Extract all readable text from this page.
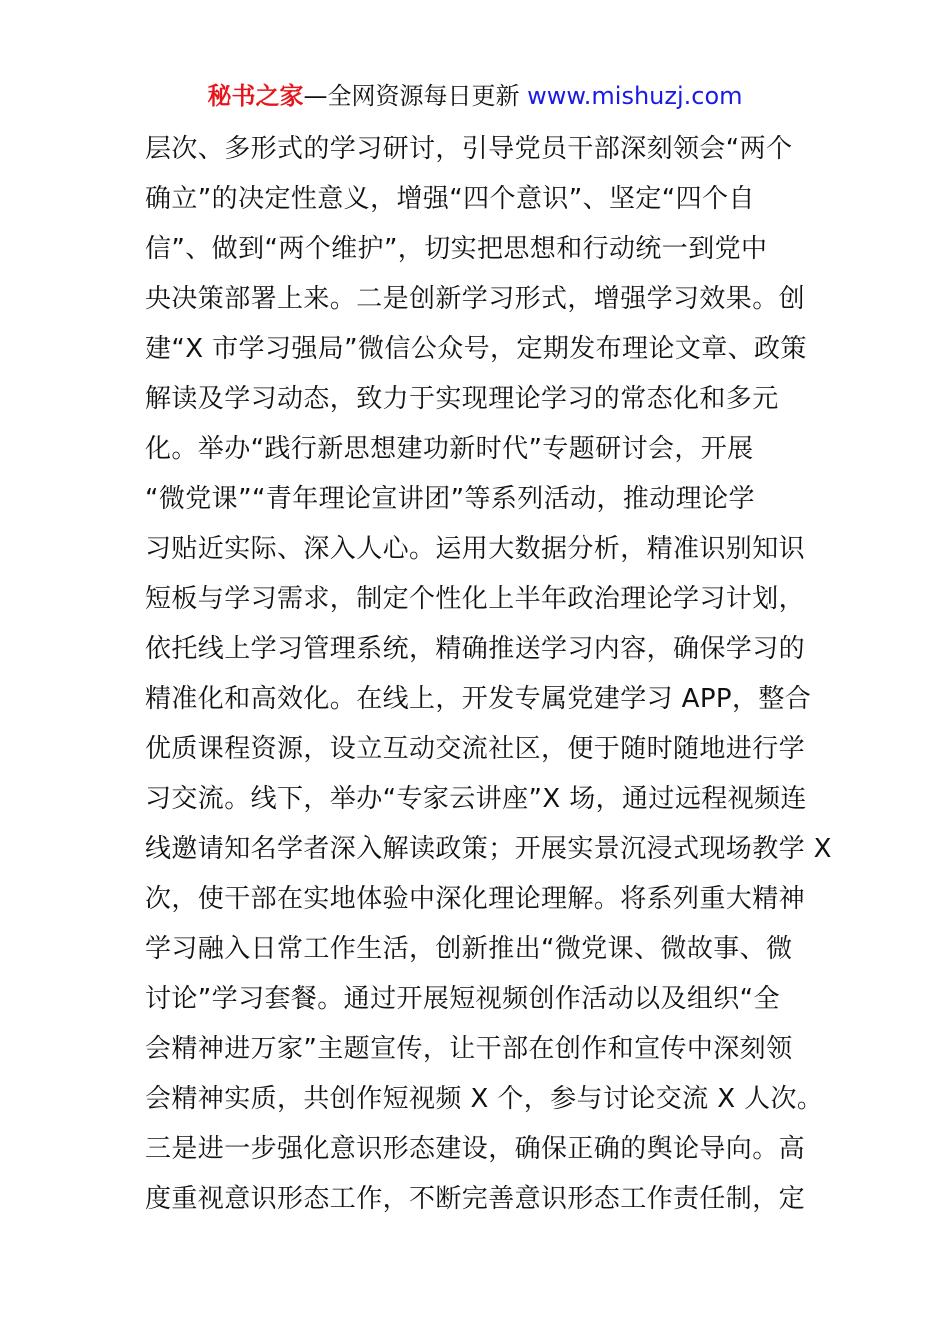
秘书之家—全网资源每日更新 www.mishuzj.com
层次、多形式的学习研讨，引导党员干部深刻领会“两个
确立”的决定性意义，增强“四个意识”、坚定“四个自
信”、做到“两个维护”，切实把思想和行动统一到党中
央决策部署上来。二是创新学习形式，增强学习效果。创
建“X 市学习强局”微信公众号，定期发布理论文章、政策
解读及学习动态，致力于实现理论学习的常态化和多元
化。举办“践行新思想建功新时代”专题研讨会，开展
“微党课”“青年理论宣讲团”等系列活动，推动理论学
习贴近实际、深入人心。运用大数据分析，精准识别知识
短板与学习需求，制定个性化上半年政治理论学习计划，
依托线上学习管理系统，精确推送学习内容，确保学习的
精准化和高效化。在线上，开发专属党建学习 APP，整合
优质课程资源，设立互动交流社区，便于随时随地进行学
习交流。线下，举办“专家云讲座”X 场，通过远程视频连
线邀请知名学者深入解读政策；开展实景沉浸式现场教学 X
次，使干部在实地体验中深化理论理解。将系列重大精神
学习融入日常工作生活，创新推出“微党课、微故事、微
讨论”学习套餐。通过开展短视频创作活动以及组织“全
会精神进万家”主题宣传，让干部在创作和宣传中深刻领
会精神实质，共创作短视频 X 个，参与讨论交流 X 人次。
三是进一步强化意识形态建设，确保正确的舆论导向。高
度重视意识形态工作，不断完善意识形态工作责任制，定
